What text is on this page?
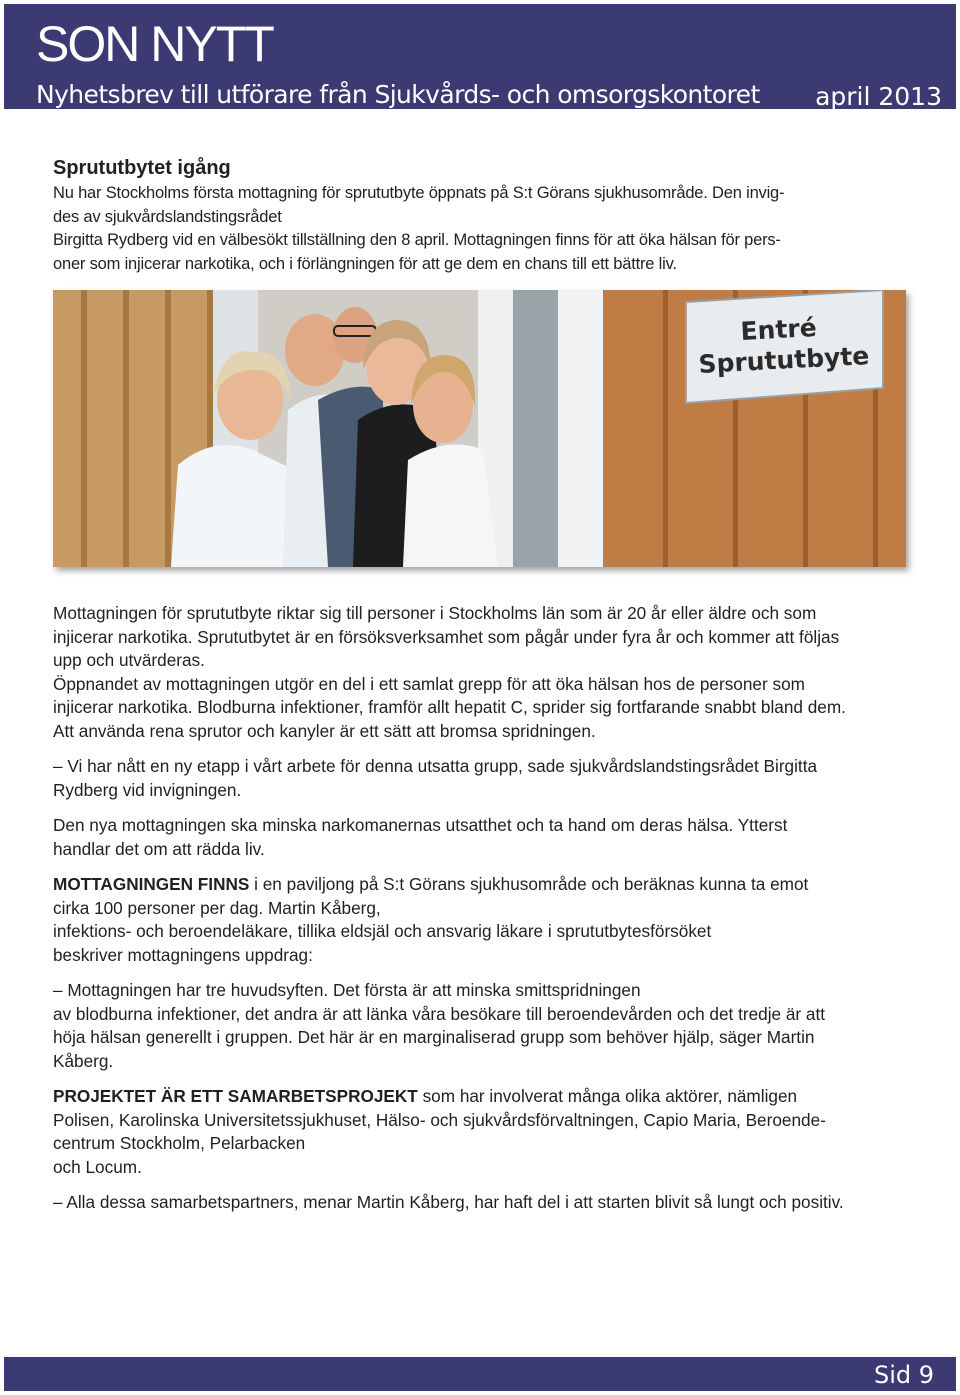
SON NYTT
Nyhetsbrev till utförare från Sjukvårds- och omsorgskontoret april 2013
Sprututbytet igång

Nu har Stockholms första mottagning för sprututbyte öppnats på S:t Görans sjukhusområde. Den invig-

des av sjukvårdslandstingsrådet

Birgitta Rydberg vid en välbesökt tillställning den 8 april. Mottagningen finns för att öka hälsan för pers-

oner som injicerar narkotika, och i förlängningen för att ge dem en chans till ett bättre liv.

Entré
Sprututbyte

Mottagningen för sprututbyte riktar sig till personer i Stockholms län som är 20 år eller äldre och som

injicerar narkotika. Sprututbytet är en försöksverksamhet som pågår under fyra år och kommer att följas

upp och utvärderas.

Öppnandet av mottagningen utgör en del i ett samlat grepp för att öka hälsan hos de personer som

injicerar narkotika. Blodburna infektioner, framför allt hepatit C, sprider sig fortfarande snabbt bland dem.

Att använda rena sprutor och kanyler är ett sätt att bromsa spridningen.

– Vi har nått en ny etapp i vårt arbete för denna utsatta grupp, sade sjukvårdslandstingsrådet Birgitta

Rydberg vid invigningen.

Den nya mottagningen ska minska narkomanernas utsatthet och ta hand om deras hälsa. Ytterst

handlar det om att rädda liv.

MOTTAGNINGEN FINNS i en paviljong på S:t Görans sjukhusområde och beräknas kunna ta emot

cirka 100 personer per dag. Martin Kåberg,

infektions- och beroendeläkare, tillika eldsjäl och ansvarig läkare i sprututbytesförsöket

beskriver mottagningens uppdrag:

– Mottagningen har tre huvudsyften. Det första är att minska smittspridningen

av blodburna infektioner, det andra är att länka våra besökare till beroendevården och det tredje är att

höja hälsan generellt i gruppen. Det här är en marginaliserad grupp som behöver hjälp, säger Martin

Kåberg.

PROJEKTET ÄR ETT SAMARBETSPROJEKT som har involverat många olika aktörer, nämligen

Polisen, Karolinska Universitetssjukhuset, Hälso- och sjukvårdsförvaltningen, Capio Maria, Beroende-

centrum Stockholm, Pelarbacken

och Locum.

– Alla dessa samarbetspartners, menar Martin Kåberg, har haft del i att starten blivit så lungt och positiv.

Sid 9
